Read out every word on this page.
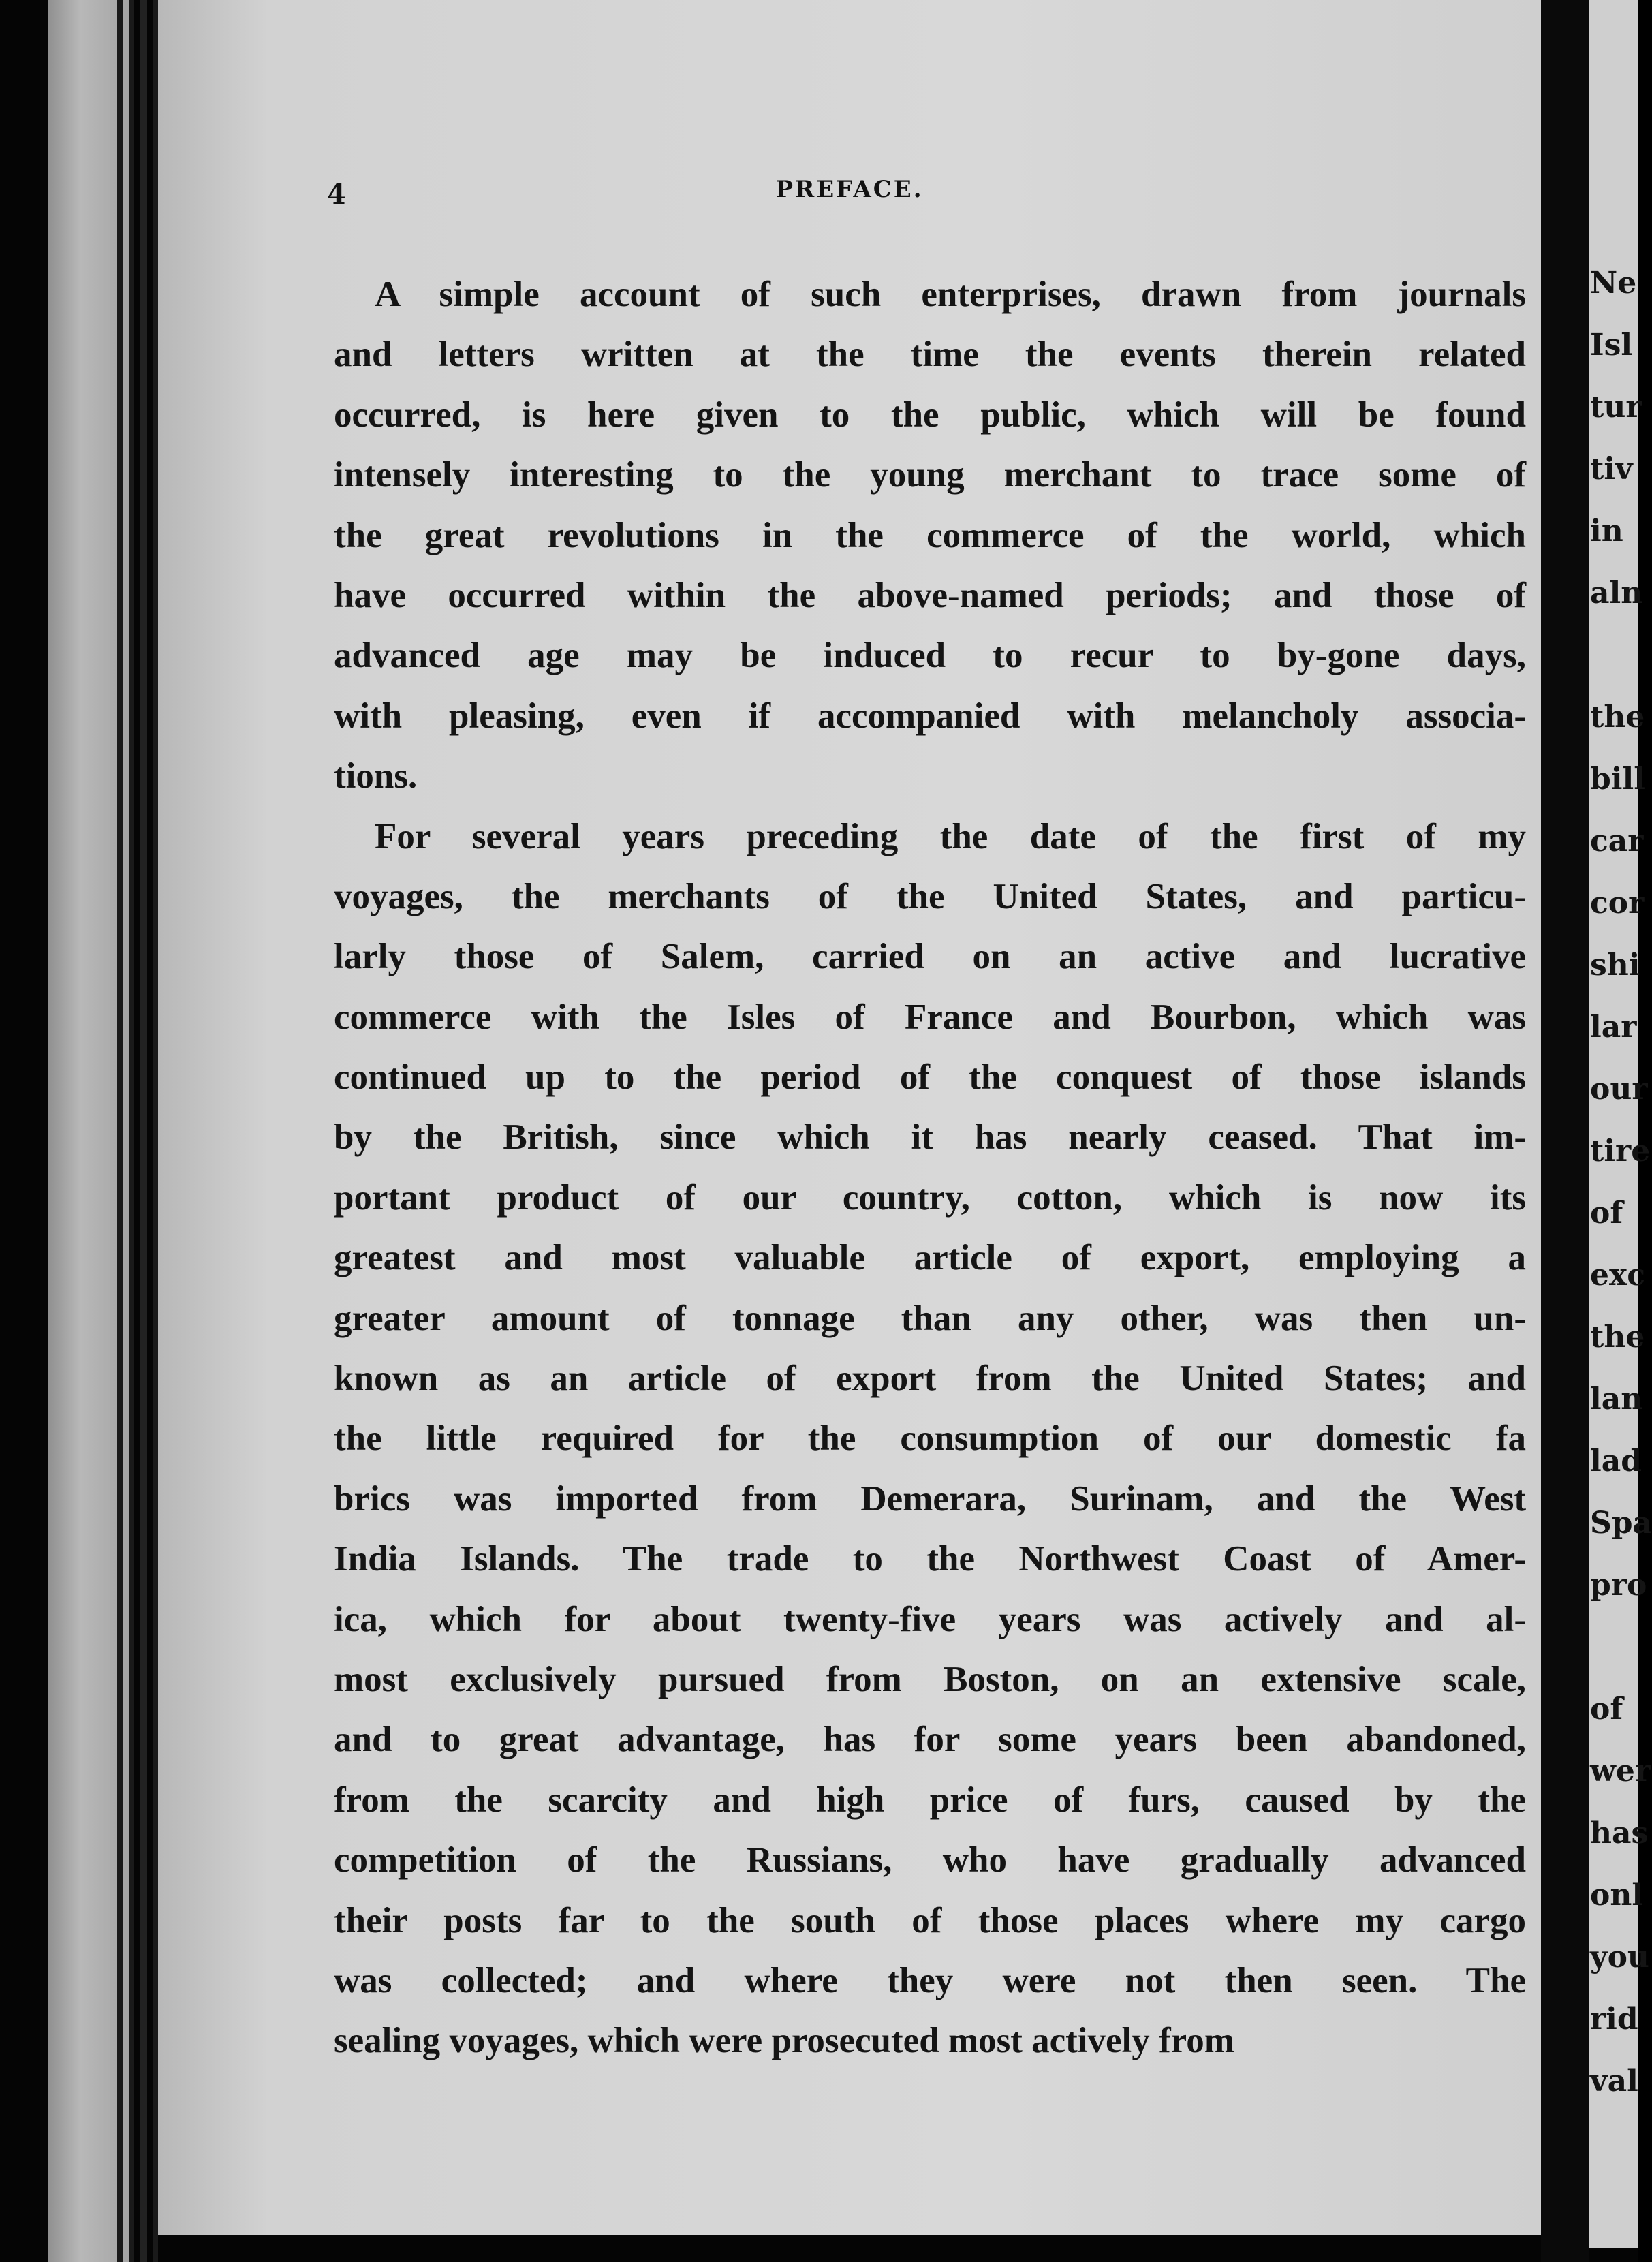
4	PREFACE.
A simple account of such enterprises, drawn from journals
and letters written at the time the events therein related
occurred, is here given to the public, which will be found
intensely interesting to the young merchant to trace some of
the great revolutions in the commerce of the world, which
have occurred within the above-named periods; and those of
advanced age may be induced to recur to by-gone days,
with pleasing, even if accompanied with melancholy associa-
tions.
For several years preceding the date of the first of my
voyages, the merchants of the United States, and particu-
larly those of Salem, carried on an active and lucrative
commerce with the Isles of France and Bourbon, which was
continued up to the period of the conquest of those islands
by the British, since which it has nearly ceased. That im-
portant product of our country, cotton, which is now its
greatest and most valuable article of export, employing a
greater amount of tonnage than any other, was then un-
known as an article of export from the United States; and
the little required for the consumption of our domestic fa
brics was imported from Demerara, Surinam, and the West
India Islands. The trade to the Northwest Coast of Amer-
ica, which for about twenty-five years was actively and al-
most exclusively pursued from Boston, on an extensive scale,
and to great advantage, has for some years been abandoned,
from the scarcity and high price of furs, caused by the
competition of the Russians, who have gradually advanced
their posts far to the south of those places where my cargo
was collected; and where they were not then seen. The
sealing voyages, which were prosecuted most actively from
Ne
Isl
tur
tiv
in
aln
the
bill
car
cor
shi
lar
our
tire
of
exc
the
lan
lad
Spa
pro
of
wer
has
onl
you
rid
val
